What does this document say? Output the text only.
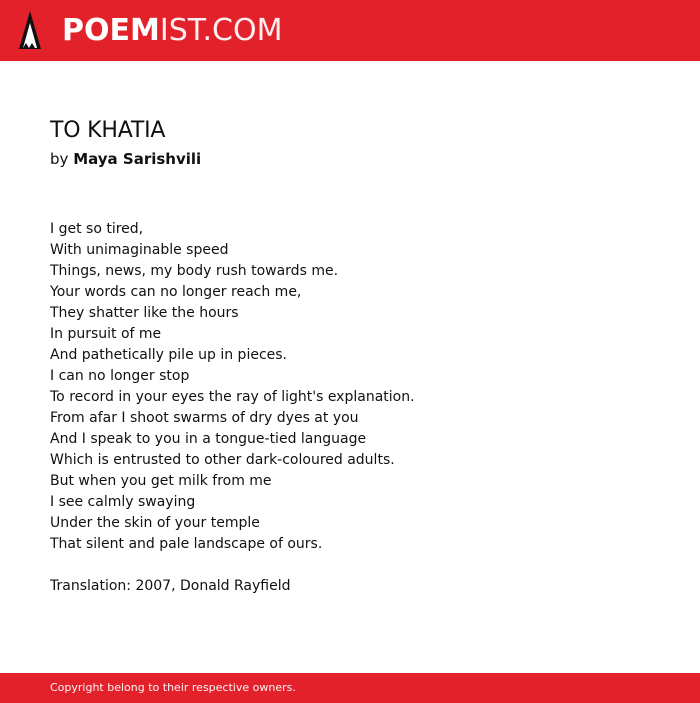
POEMIST.COM
TO KHATIA
by Maya Sarishvili
I get so tired,
With unimaginable speed
Things, news, my body rush towards me.
Your words can no longer reach me,
They shatter like the hours
In pursuit of me
And pathetically pile up in pieces.
I can no longer stop
To record in your eyes the ray of light's explanation.
From afar I shoot swarms of dry dyes at you
And I speak to you in a tongue-tied language
Which is entrusted to other dark-coloured adults.
But when you get milk from me
I see calmly swaying
Under the skin of your temple
That silent and pale landscape of ours.
Translation: 2007, Donald Rayfield
Copyright belong to their respective owners.
